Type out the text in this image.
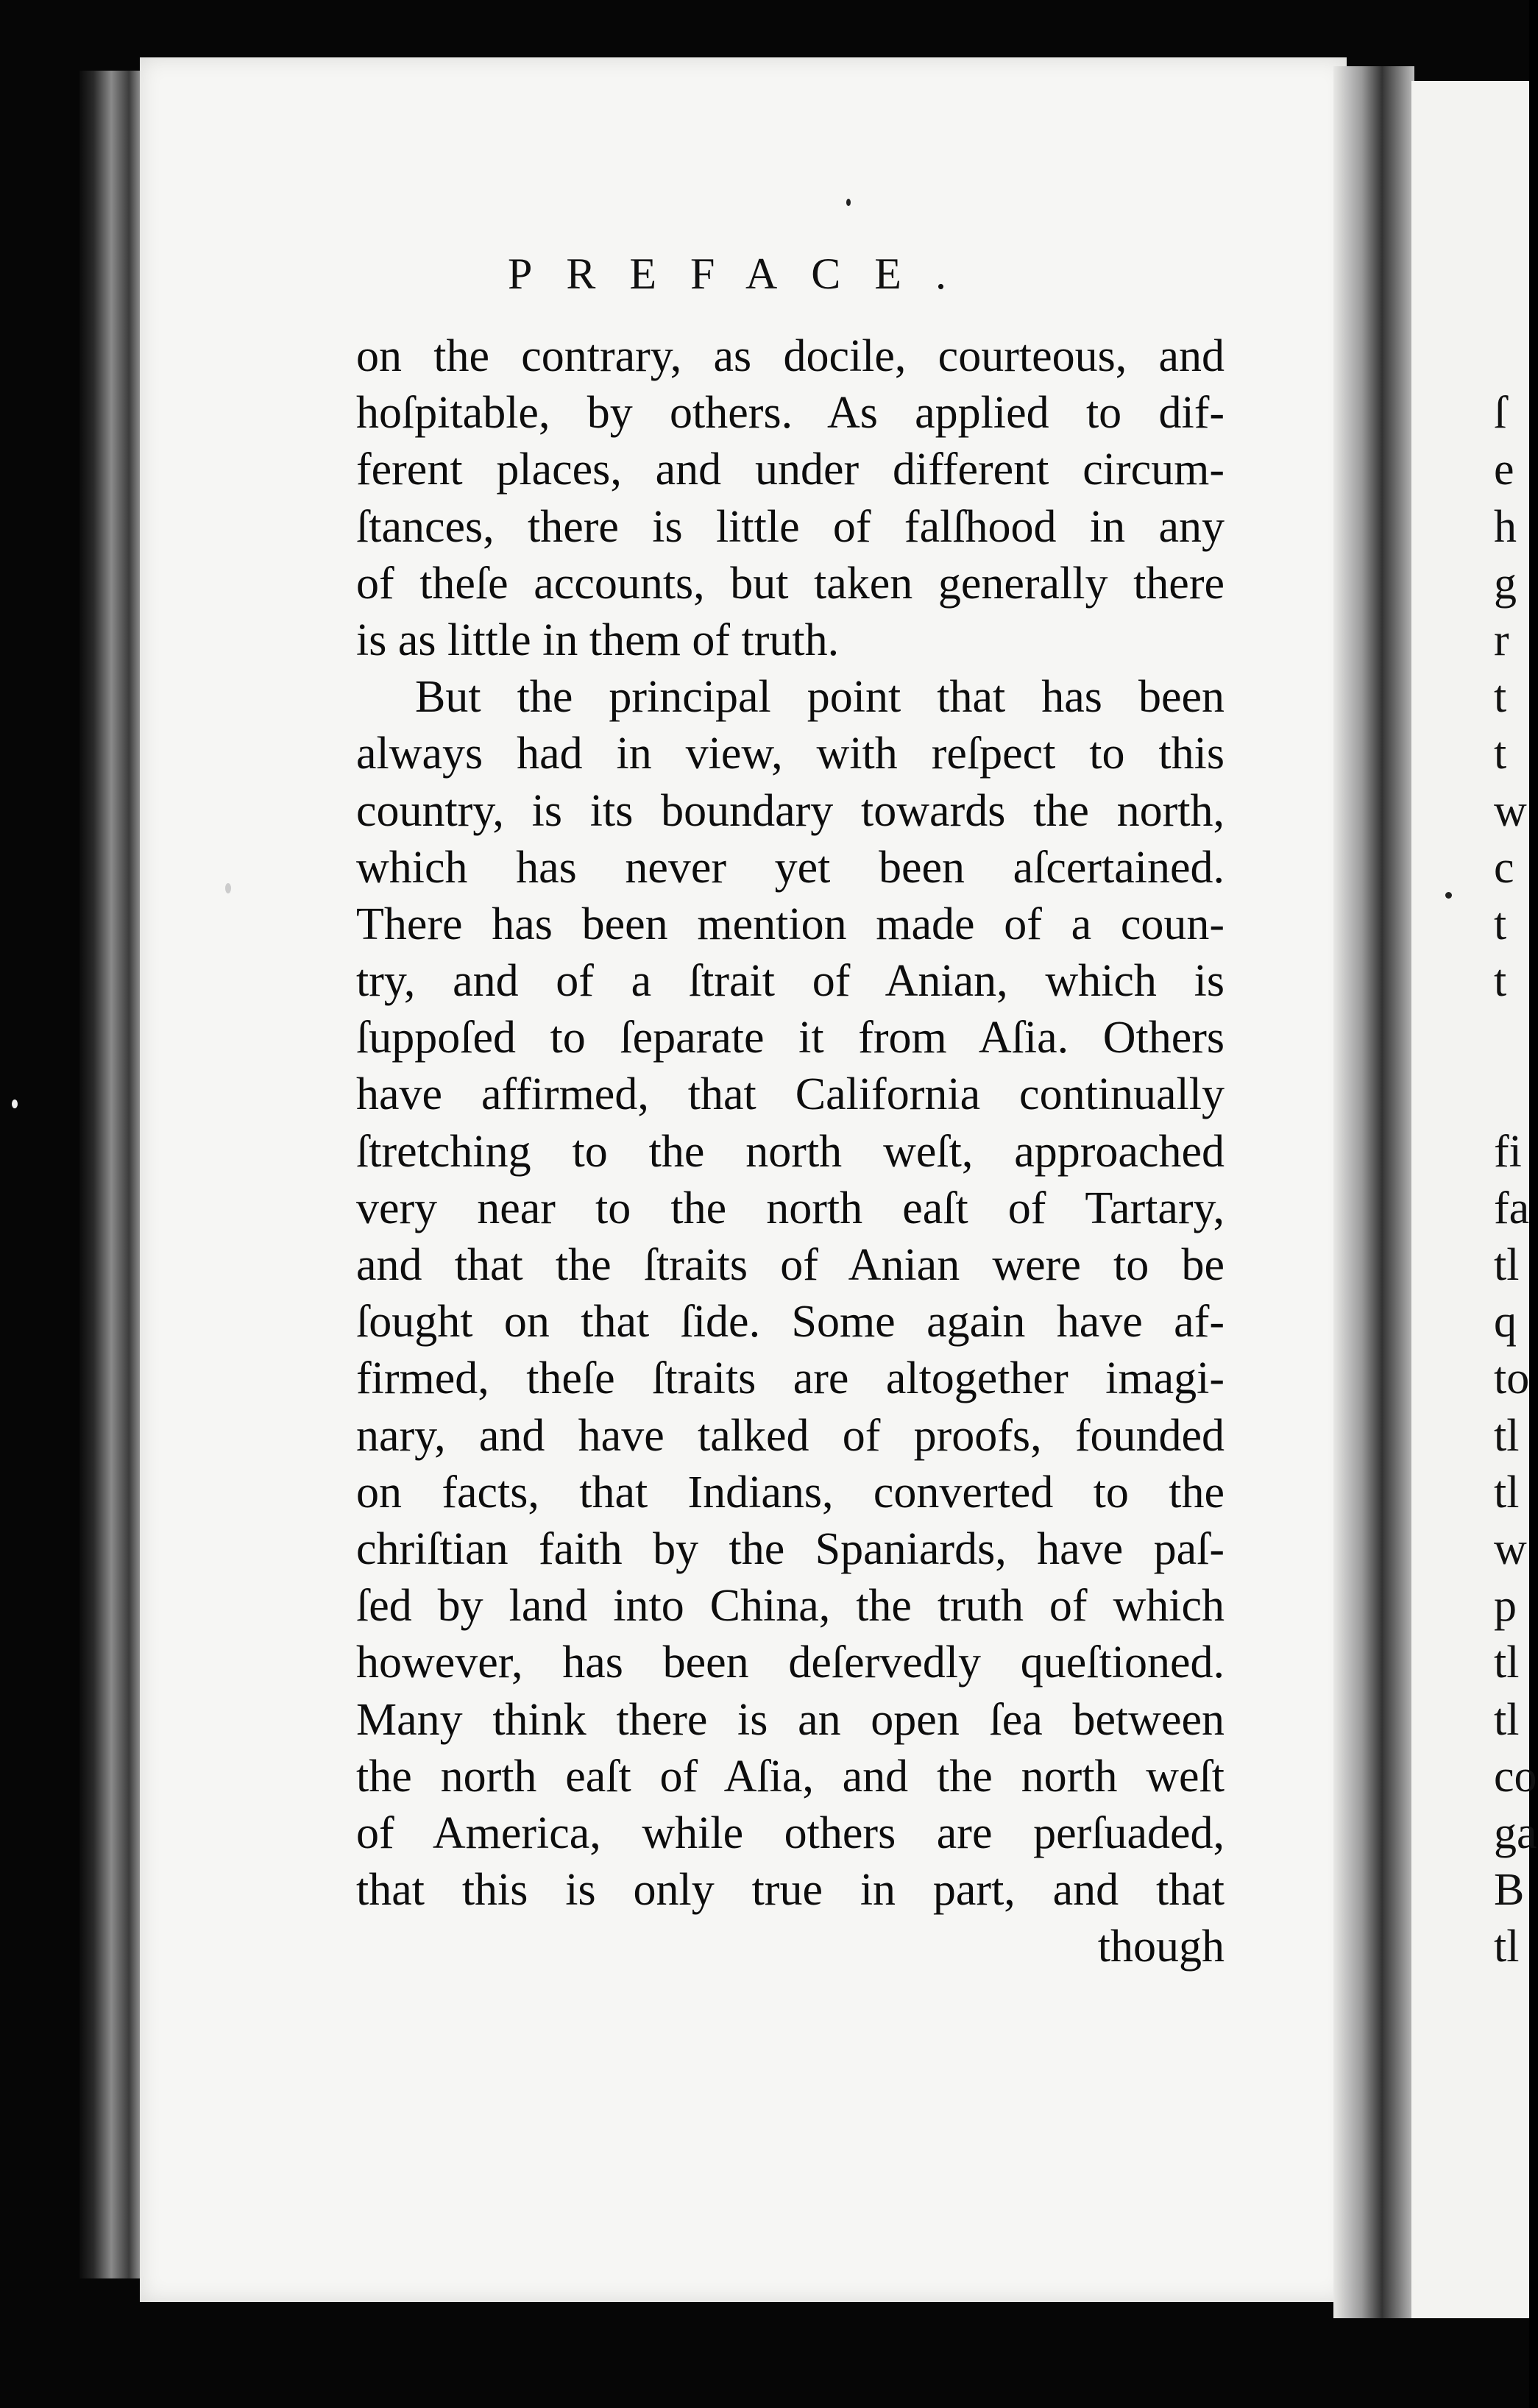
PREFACE.
on the contrary, as docile, courteous, and
hoſpitable, by others. As applied to dif-
ferent places, and under different circum-
ſtances, there is little of falſhood in any
of theſe accounts, but taken generally there
is as little in them of truth.
But the principal point that has been
always had in view, with reſpect to this
country, is its boundary towards the north,
which has never yet been aſcertained.
There has been mention made of a coun-
try, and of a ſtrait of Anian, which is
ſuppoſed to ſeparate it from Aſia. Others
have affirmed, that California continually
ſtretching to the north weſt, approached
very near to the north eaſt of Tartary,
and that the ſtraits of Anian were to be
ſought on that ſide. Some again have af-
firmed, theſe ſtraits are altogether imagi-
nary, and have talked of proofs, founded
on facts, that Indians, converted to the
chriſtian faith by the Spaniards, have paſ-
ſed by land into China, the truth of which
however, has been deſervedly queſtioned.
Many think there is an open ſea between
the north eaſt of Aſia, and the north weſt
of America, while others are perſuaded,
that this is only true in part, and that
though
ſ
e
h
g
r
t
t
w
c
t
t
fi
fa
tl
q
to
tl
tl
w
p
tl
tl
co
ga
B
tl
